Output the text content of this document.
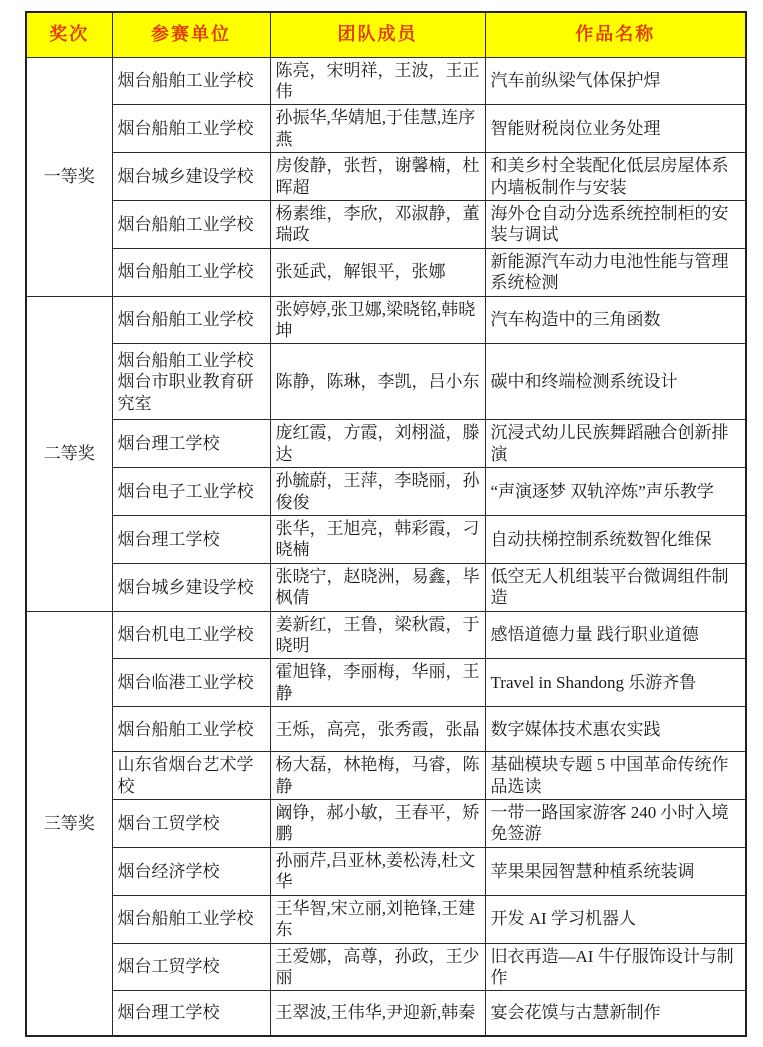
奖次	参赛单位	团队成员	作品名称
一等奖	烟台船舶工业学校	陈亮，宋明祥，王波，王正伟	汽车前纵梁气体保护焊
	烟台船舶工业学校	孙振华,华婧旭,于佳慧,连序燕	智能财税岗位业务处理
	烟台城乡建设学校	房俊静，张哲，谢馨楠，杜晖超	和美乡村全装配化低层房屋体系内墙板制作与安装
	烟台船舶工业学校	杨素维，李欣，邓淑静，董瑞政	海外仓自动分选系统控制柜的安装与调试
	烟台船舶工业学校	张延武，解银平，张娜	新能源汽车动力电池性能与管理系统检测
二等奖	烟台船舶工业学校	张婷婷,张卫娜,梁晓铭,韩晓坤	汽车构造中的三角函数
	烟台船舶工业学校烟台市职业教育研究室	陈静，陈琳，李凯，吕小东	碳中和终端检测系统设计
	烟台理工学校	庞红霞，方霞，刘栩溢，滕达	沉浸式幼儿民族舞蹈融合创新排演
	烟台电子工业学校	孙毓蔚，王萍，李晓丽，孙俊俊	“声演逐梦 双轨淬炼”声乐教学
	烟台理工学校	张华，王旭亮，韩彩霞，刁晓楠	自动扶梯控制系统数智化维保
	烟台城乡建设学校	张晓宁，赵晓洲，易鑫，毕枫倩	低空无人机组装平台微调组件制造
三等奖	烟台机电工业学校	姜新红，王鲁，梁秋霞，于晓明	感悟道德力量 践行职业道德
	烟台临港工业学校	霍旭锋，李丽梅，华丽，王静	Travel in Shandong 乐游齐鲁
	烟台船舶工业学校	王烁，高亮，张秀霞，张晶	数字媒体技术惠农实践
	山东省烟台艺术学校	杨大磊，林艳梅，马睿，陈静	基础模块专题 5 中国革命传统作品选读
	烟台工贸学校	阚铮，郝小敏，王春平，矫鹏	一带一路国家游客 240 小时入境免签游
	烟台经济学校	孙丽芹,吕亚林,姜松涛,杜文华	苹果果园智慧种植系统装调
	烟台船舶工业学校	王华智,宋立丽,刘艳锋,王建东	开发 AI 学习机器人
	烟台工贸学校	王爱娜，高尊，孙政，王少丽	旧衣再造—AI 牛仔服饰设计与制作
	烟台理工学校	王翠波,王伟华,尹迎新,韩秦	宴会花馍与古慧新制作
